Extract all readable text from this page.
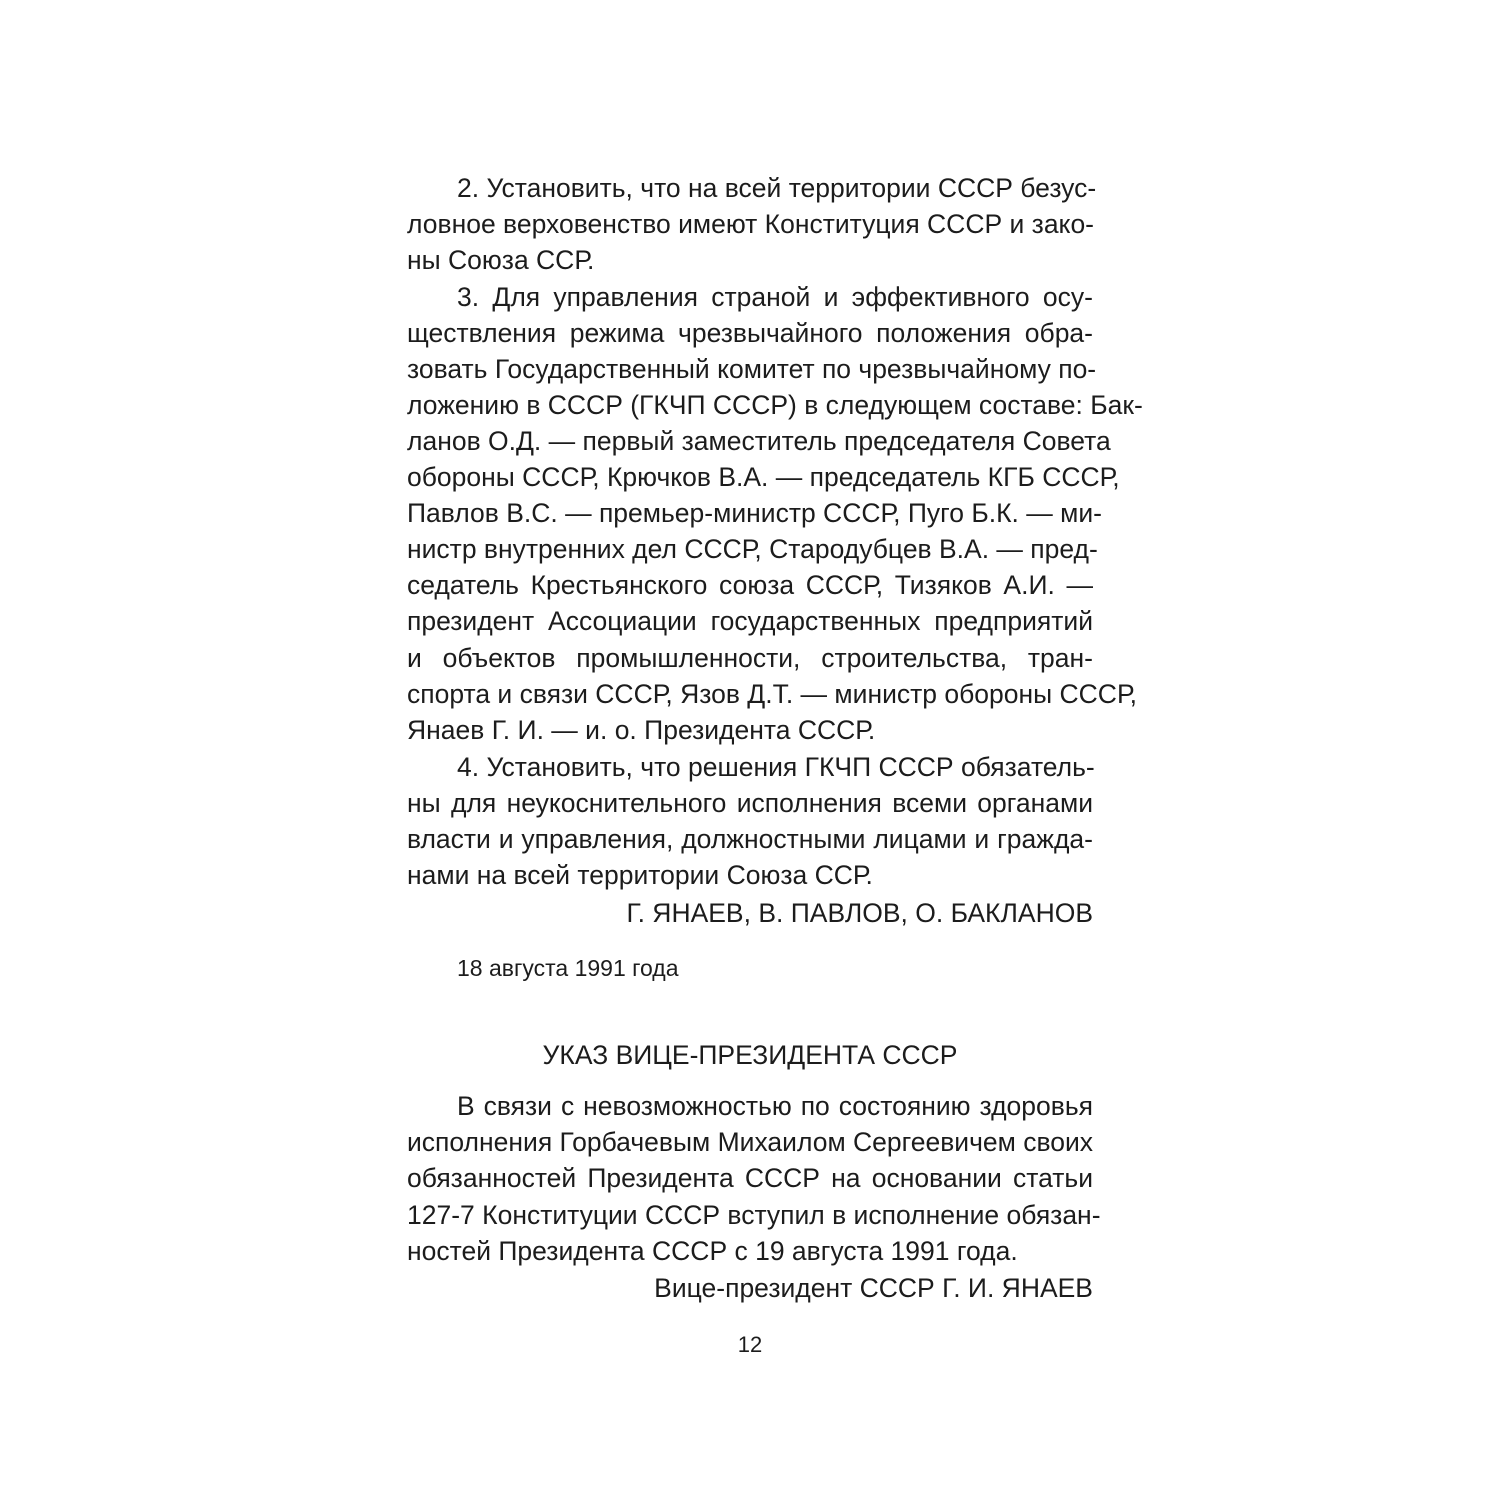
2. Установить, что на всей территории СССР безус-
ловное верховенство имеют Конституция СССР и зако-
ны Союза ССР.
3. Для управления страной и эффективного осу-
ществления режима чрезвычайного положения обра-
зовать Государственный комитет по чрезвычайному по-
ложению в СССР (ГКЧП СССР) в следующем составе: Бак-
ланов О.Д. — первый заместитель председателя Совета
обороны СССР, Крючков В.А. — председатель КГБ СССР,
Павлов В.С. — премьер-министр СССР, Пуго Б.К. — ми-
нистр внутренних дел СССР, Стародубцев В.А. — пред-
седатель Крестьянского союза СССР, Тизяков А.И. —
президент Ассоциации государственных предприятий
и объектов промышленности, строительства, тран-
спорта и связи СССР, Язов Д.Т. — министр обороны СССР,
Янаев Г. И. — и. о. Президента СССР.
4. Установить, что решения ГКЧП СССР обязатель-
ны для неукоснительного исполнения всеми органами
власти и управления, должностными лицами и гражда-
нами на всей территории Союза ССР.
Г. ЯНАЕВ, В. ПАВЛОВ, О. БАКЛАНОВ
18 августа 1991 года
УКАЗ ВИЦЕ-ПРЕЗИДЕНТА СССР
В связи с невозможностью по состоянию здоровья
исполнения Горбачевым Михаилом Сергеевичем своих
обязанностей Президента СССР на основании статьи
127-7 Конституции СССР вступил в исполнение обязан-
ностей Президента СССР с 19 августа 1991 года.
Вице-президент СССР Г. И. ЯНАЕВ
12
